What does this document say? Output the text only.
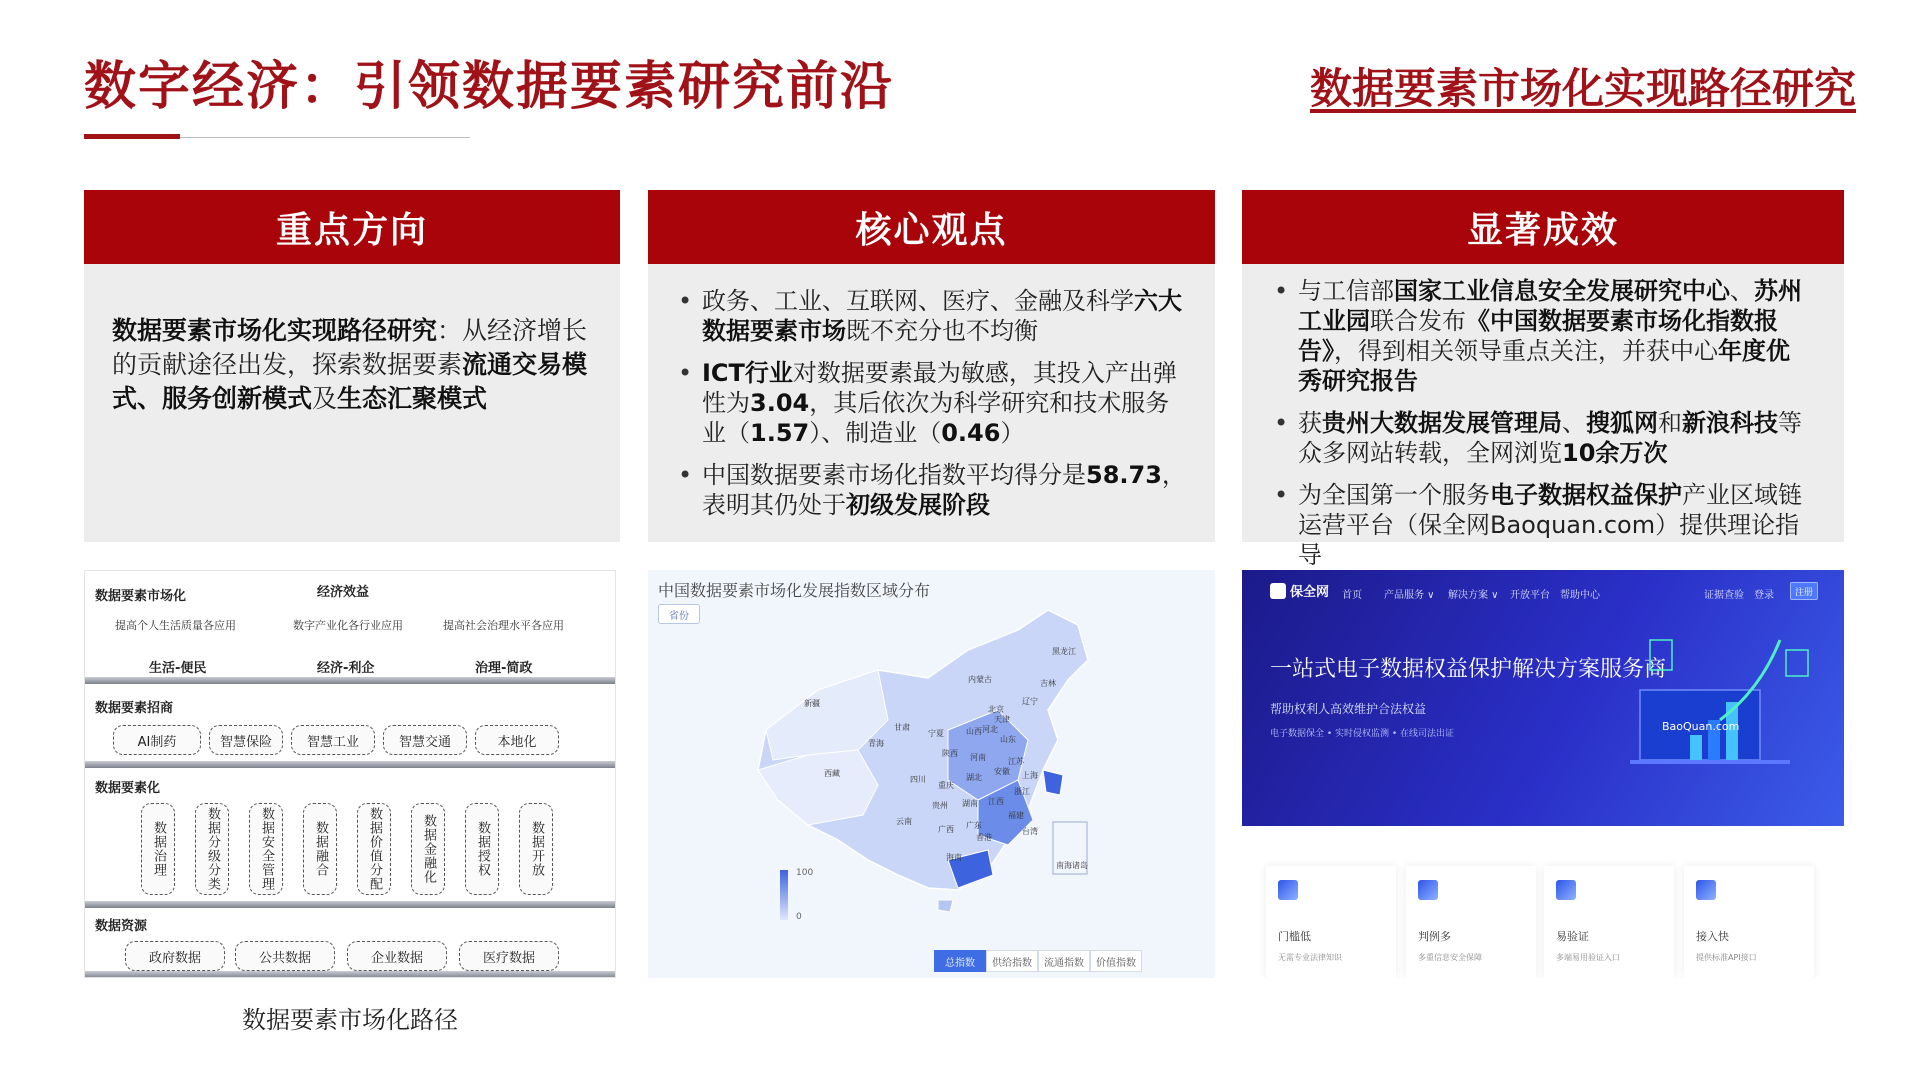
数字经济：引领数据要素研究前沿	数据要素市场化实现路径研究
重点方向
数据要素市场化实现路径研究：从经济增长的贡献途径出发，探索数据要素流通交易模式、服务创新模式及生态汇聚模式
核心观点
• 政务、工业、互联网、医疗、金融及科学六大数据要素市场既不充分也不均衡
• ICT行业对数据要素最为敏感，其投入产出弹性为3.04，其后依次为科学研究和技术服务业（1.57）、制造业（0.46）
• 中国数据要素市场化指数平均得分是58.73，表明其仍处于初级发展阶段
显著成效
• 与工信部国家工业信息安全发展研究中心、苏州工业园联合发布《中国数据要素市场化指数报告》，得到相关领导重点关注，并获中心年度优秀研究报告
• 获贵州大数据发展管理局、搜狐网和新浪科技等众多网站转载，全网浏览10余万次
• 为全国第一个服务电子数据权益保护产业区域链运营平台（保全网Baoquan.com）提供理论指导
数据要素市场化	经济效益
提高个人生活质量各应用	数字产业化各行业应用	提高社会治理水平各应用
生活-便民	经济-利企	治理-简政
数据要素招商
AI制药	智慧保险	智慧工业	智慧交通	本地化
数据要素化
数据治理	数据分级分类	数据安全管理	数据融合	数据价值分配	数据金融化	数据授权	数据开放
数据资源
政府数据	公共数据	企业数据	医疗数据
数据要素市场化路径
中国数据要素市场化发展指数区域分布
省份
黑龙江
吉林
辽宁
内蒙古
北京
天津
河北
山西
山东
新疆
甘肃
宁夏
青海
陕西 河南	江苏
西藏
四川	湖北
安徽 上海
重庆
浙江
贵州 湖南 江西
云南
广西
福建
广东
台湾
香港
海南
南海诸岛
100
0
总指数	供给指数	流通指数	价值指数
保全网 首页 产品服务 ∨ 解决方案 ∨ 开放平台 帮助中心	证据查验 登录	注册
一站式电子数据权益保护解决方案服务商
帮助权利人高效维护合法权益
电子数据保全 • 实时侵权监测 • 在线司法出证
BaoQuan.com
门槛低
无需专业法律知识
判例多
多重信息安全保障
易验证
多端易用验证入口
接入快
提供标准API接口
